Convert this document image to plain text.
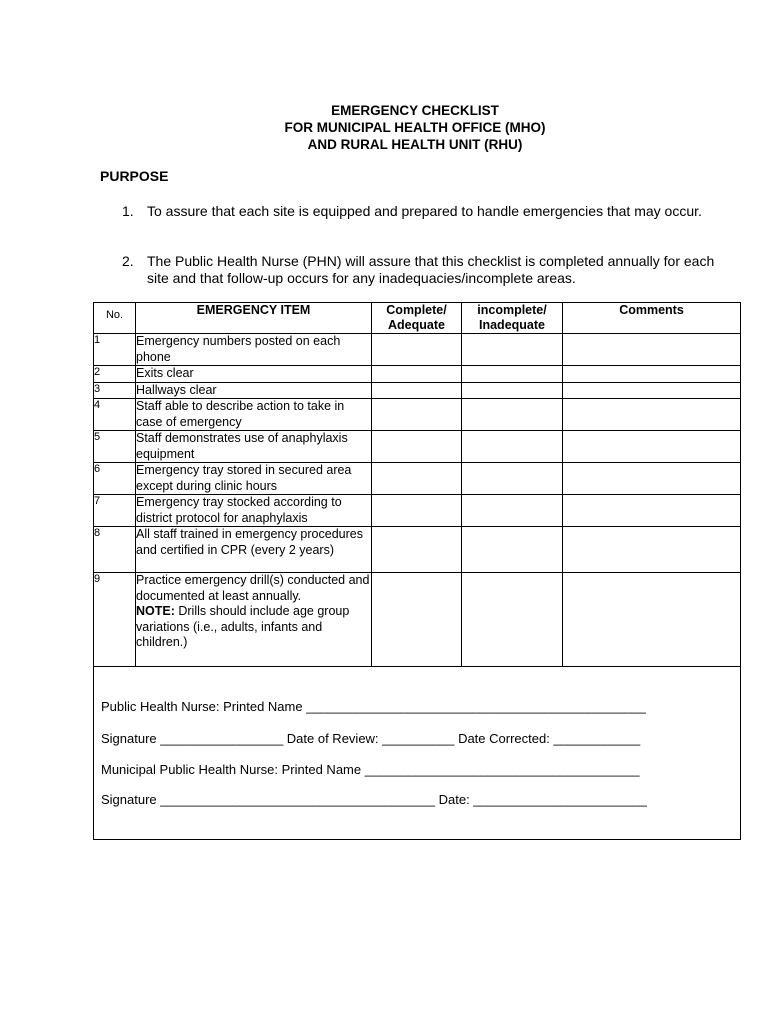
EMERGENCY CHECKLIST
FOR MUNICIPAL HEALTH OFFICE (MHO)
AND RURAL HEALTH UNIT (RHU)
PURPOSE
1. To assure that each site is equipped and prepared to handle emergencies that may occur.
2. The Public Health Nurse (PHN) will assure that this checklist is completed annually for each site and that follow-up occurs for any inadequacies/incomplete areas.
No.	EMERGENCY ITEM	Complete/ Adequate	incomplete/ Inadequate	Comments
1	Emergency numbers posted on each phone			
2	Exits clear			
3	Hallways clear			
4	Staff able to describe action to take in case of emergency			
5	Staff demonstrates use of anaphylaxis equipment			
6	Emergency tray stored in secured area except during clinic hours			
7	Emergency tray stocked according to district protocol for anaphylaxis			
8	All staff trained in emergency procedures and certified in CPR (every 2 years)			
9	Practice emergency drill(s) conducted and documented at least annually.
NOTE: Drills should include age group variations (i.e., adults, infants and children.)			

Public Health Nurse: Printed Name _______________________________________________
Signature _________________ Date of Review: __________ Date Corrected: ____________
Municipal Public Health Nurse: Printed Name ______________________________________
Signature ______________________________________ Date: ________________________				
